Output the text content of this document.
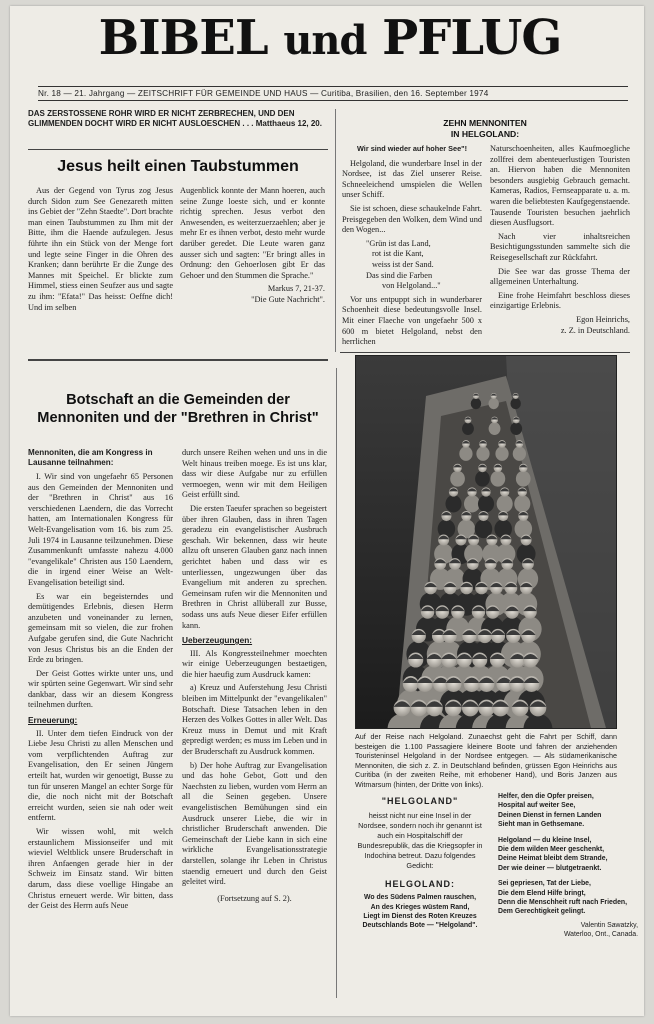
BIBEL und PFLUG
Nr. 18 — 21. Jahrgang — ZEITSCHRIFT FÜR GEMEINDE UND HAUS — Curitiba, Brasilien, den 16. September 1974
DAS ZERSTOSSENE ROHR WIRD ER NICHT ZERBRECHEN, UND DEN GLIMMENDEN DOCHT WIRD ER NICHT AUSLOESCHEN . . . Matthaeus 12, 20.
Jesus heilt einen Taubstummen

Aus der Gegend von Tyrus zog Jesus durch Sidon zum See Genezareth mitten ins Gebiet der "Zehn Staedte". Dort brachte man einen Taubstummen zu Ihm mit der Bitte, ihm die Haende aufzulegen. Jesus führte ihn ein Stück von der Menge fort und legte seine Finger in die Ohren des Kranken; dann berührte Er die Zunge des Mannes mit Speichel. Er blickte zum Himmel, stiess einen Seufzer aus und sagte zu ihm: "Efata!" Das heisst: Oeffne dich! Und im selben

Augenblick konnte der Mann hoeren, auch seine Zunge loeste sich, und er konnte richtig sprechen. Jesus verbot den Anwesenden, es weiterzuerzaehlen; aber je mehr Er es ihnen verbot, desto mehr wurde darüber geredet. Die Leute waren ganz ausser sich und sagten: "Er bringt alles in Ordnung: den Gehoerlosen gibt Er das Gehoer und den Stummen die Sprache."

Markus 7, 21-37.
"Die Gute Nachricht".
ZEHN MENNONITEN
IN HELGOLAND:
Wir sind wieder auf hoher See"!

Helgoland, die wunderbare Insel in der Nordsee, ist das Ziel unserer Reise. Schneeleichend umspielen die Wellen unser Schiff.

Sie ist schoen, diese schaukelnde Fahrt. Preisgegeben den Wolken, dem Wind und den Wogen...

"Grün ist das Land,
rot ist die Kant,
weiss ist der Sand.
Das sind die Farben
von Helgoland..."

Vor uns entpuppt sich in wunderbarer Schoenheit diese bedeutungsvolle Insel. Mit einer Flaeche von ungefaehr 500 x 600 m bietet Helgoland, nebst den herrlichen

Naturschoenheiten, alles Kaufmoegliche zollfrei dem abenteuerlustigen Touristen an. Hiervon haben die Mennoniten besonders ausgiebig Gebrauch gemacht. Kameras, Radios, Fernseapparate u. a. m. waren die beliebtesten Kaufgegenstaende. Tausende Touristen besuchen jaehrlich diesen Ausflugsort.

Nach vier inhaltsreichen Besichtigungsstunden sammelte sich die Reisegesellschaft zur Rückfahrt.

Die See war das grosse Thema der allgemeinen Unterhaltung.

Eine frohe Heimfahrt beschloss dieses einzigartige Erlebnis.

Egon Heinrichs,
z. Z. in Deutschland.
Botschaft an die Gemeinden der
Mennoniten und der "Brethren in Christ"
Mennoniten, die am Kongress in Lausanne teilnahmen:

I. Wir sind von ungefaehr 65 Personen aus den Gemeinden der Mennoniten und der "Brethren in Christ" aus 16 verschiedenen Laendern, die das Vorrecht hatten, am Internationalen Kongress für Welt-Evangelisation vom 16. bis zum 25. Juli 1974 in Lausanne teilzunehmen. Diese Zusammenkunft umfasste nahezu 4.000 "evangelikale" Christen aus 150 Laendern, die in irgend einer Weise an Welt-Evangelisation beteiligt sind.

Es war ein begeisterndes und demütigendes Erlebnis, diesen Herrn anzubeten und voneinander zu lernen, gemeinsam mit so vielen, die zur frohen Aufgabe gerufen sind, die Gute Nachricht von Jesus Christus bis an die Enden der Erde zu bringen.

Der Geist Gottes wirkte unter uns, und wir spürten seine Gegenwart. Wir sind sehr dankbar, dass wir an diesem Kongress teilnehmen durften.

Erneuerung:

II. Unter dem tiefen Eindruck von der Liebe Jesu Christi zu allen Menschen und vom verpflichtenden Auftrag zur Evangelisation, den Er seinen Jüngern erteilt hat, wurden wir genoetigt, Busse zu tun für unseren Mangel an echter Sorge für die, die noch nicht mit der Botschaft erreicht wurden, seien sie nah oder weit entfernt.

Wir wissen wohl, mit welch erstaunlichem Missionseifer und mit wieviel Weltblick unsere Bruderschaft in ihren Anfaengen gerade hier in der Schweiz im Einsatz stand. Wir bitten darum, dass diese voellige Hingabe an Christus erneuert werde. Wir bitten, dass der Geist des Herrn aufs Neue

durch unsere Reihen wehen und uns in die Welt hinaus treiben moege. Es ist uns klar, dass wir diese Aufgabe nur zu erfüllen vermoegen, wenn wir mit dem Heiligen Geist erfüllt sind.

Die ersten Taeufer sprachen so begeistert über ihren Glauben, dass in ihren Tagen geradezu ein evangelistischer Ausbruch geschah. Wir bekennen, dass wir heute allzu oft unseren Glauben ganz nach innen gerichtet haben und dass wir es unterliessen, ungezwungen über das Evangelium mit anderen zu sprechen. Gemeinsam rufen wir die Mennoniten und Brethren in Christ allüberall zur Busse, sodass uns aufs Neue dieser Eifer erfüllen kann.

Ueberzeugungen:

III. Als Kongressteilnehmer moechten wir einige Ueberzeugungen bestaetigen, die hier haeufig zum Ausdruck kamen:

a) Kreuz und Auferstehung Jesu Christi bleiben im Mittelpunkt der "evangelikalen" Botschaft. Diese Tatsachen leben in den Herzen des Volkes Gottes in aller Welt. Das Kreuz muss in Demut und mit Kraft gepredigt werden; es muss im Leben und in der Bruderschaft zu Ausdruck kommen.

b) Der hohe Auftrag zur Evangelisation und das hohe Gebot, Gott und den Naechsten zu lieben, wurden vom Herrn an all die Seinen gegeben. Unsere evangelistischen Bemühungen sind ein Ausdruck unserer Liebe, die wir in christlicher Bruderschaft anwenden. Die Gemeinschaft der Liebe kann in sich eine wirkliche Evangelisationsstrategie darstellen, solange ihr Leben in Christus staendig erneuert und durch den Geist geleitet wird.

(Fortsetzung auf S. 2).
Auf der Reise nach Helgoland. Zunaechst geht die Fahrt per Schiff, dann besteigen die 1.100 Passagiere kleinere Boote und fahren der anziehenden Touristeninsel Helgoland in der Nordsee entgegen. — Als südamerikanische Mennoniten, die sich z. Z. in Deutschland befinden, grüssen Egon Heinrichs aus Curitiba (in der zweiten Reihe, mit erhobener Hand), und Boris Janzen aus Witmarsum (hinten, der Dritte von links).
"HELGOLAND"
heisst nicht nur eine Insel in der Nordsee, sondern noch ihr genannt ist auch ein Hospitalschiff der Bundesrepublik, das die Kriegsopfer in Indochina betreut. Dazu folgendes Gedicht:
HELGOLAND:
Wo des Südens Palmen rauschen,
An des Krieges wüstem Rand,
Liegt im Dienst des Roten Kreuzes
Deutschlands Bote — "Helgoland".
Helfer, den die Opfer preisen,
Hospital auf weiter See,
Deinen Dienst in fernen Landen
Sieht man in Gethsemane.
Helgoland — du kleine Insel,
Die dem wilden Meer geschenkt,
Deine Heimat bleibt dem Strande,
Der wie deiner — blutgetraenkt.
Sei gepriesen, Tat der Liebe,
Die dem Elend Hilfe bringt,
Denn die Menschheit ruft nach Frieden,
Dem Gerechtigkeit gelingt.
Valentin Sawatzky,
Waterloo, Ont., Canada.
